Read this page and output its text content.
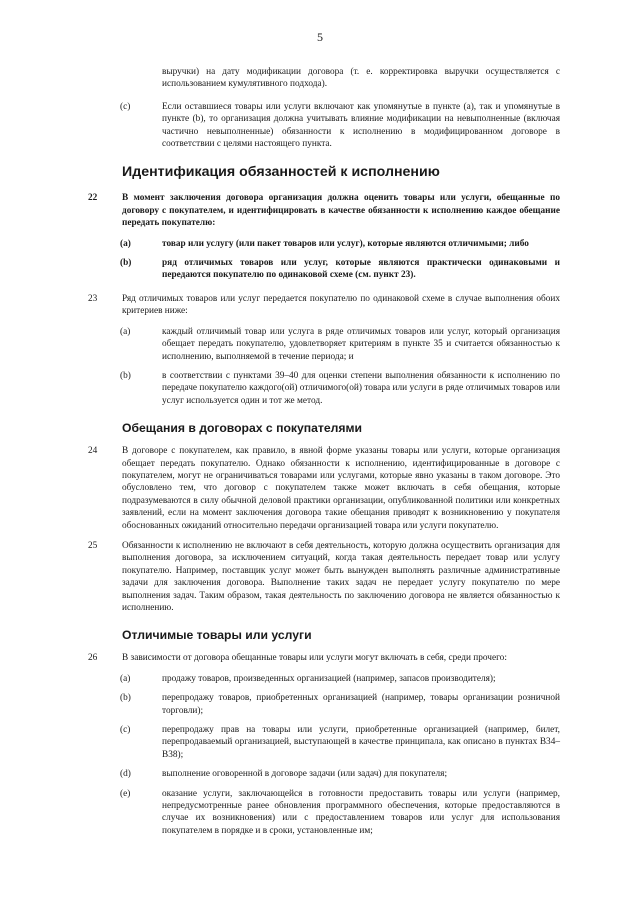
5
выручки) на дату модификации договора (т. е. корректировка выручки осуществляется с использованием кумулятивного подхода).
(c)	Если оставшиеся товары или услуги включают как упомянутые в пункте (a), так и упомянутые в пункте (b), то организация должна учитывать влияние модификации на невыполненные (включая частично невыполненные) обязанности к исполнению в модифицированном договоре в соответствии с целями настоящего пункта.
Идентификация обязанностей к исполнению
22	В момент заключения договора организация должна оценить товары или услуги, обещанные по договору с покупателем, и идентифицировать в качестве обязанности к исполнению каждое обещание передать покупателю:
(a)	товар или услугу (или пакет товаров или услуг), которые являются отличимыми; либо
(b)	ряд отличимых товаров или услуг, которые являются практически одинаковыми и передаются покупателю по одинаковой схеме (см. пункт 23).
23	Ряд отличимых товаров или услуг передается покупателю по одинаковой схеме в случае выполнения обоих критериев ниже:
(a)	каждый отличимый товар или услуга в ряде отличимых товаров или услуг, который организация обещает передать покупателю, удовлетворяет критериям в пункте 35 и считается обязанностью к исполнению, выполняемой в течение периода; и
(b)	в соответствии с пунктами 39–40 для оценки степени выполнения обязанности к исполнению по передаче покупателю каждого(ой) отличимого(ой) товара или услуги в ряде отличимых товаров или услуг используется один и тот же метод.
Обещания в договорах с покупателями
24	В договоре с покупателем, как правило, в явной форме указаны товары или услуги, которые организация обещает передать покупателю. Однако обязанности к исполнению, идентифицированные в договоре с покупателем, могут не ограничиваться товарами или услугами, которые явно указаны в таком договоре. Это обусловлено тем, что договор с покупателем также может включать в себя обещания, которые подразумеваются в силу обычной деловой практики организации, опубликованной политики или конкретных заявлений, если на момент заключения договора такие обещания приводят к возникновению у покупателя обоснованных ожиданий относительно передачи организацией товара или услуги покупателю.
25	Обязанности к исполнению не включают в себя деятельность, которую должна осуществить организация для выполнения договора, за исключением ситуаций, когда такая деятельность передает товар или услугу покупателю. Например, поставщик услуг может быть вынужден выполнять различные административные задачи для заключения договора. Выполнение таких задач не передает услугу покупателю по мере выполнения задач. Таким образом, такая деятельность по заключению договора не является обязанностью к исполнению.
Отличимые товары или услуги
26	В зависимости от договора обещанные товары или услуги могут включать в себя, среди прочего:
(a)	продажу товаров, произведенных организацией (например, запасов производителя);
(b)	перепродажу товаров, приобретенных организацией (например, товары организации розничной торговли);
(c)	перепродажу прав на товары или услуги, приобретенные организацией (например, билет, перепродаваемый организацией, выступающей в качестве принципала, как описано в пунктах B34–B38);
(d)	выполнение оговоренной в договоре задачи (или задач) для покупателя;
(e)	оказание услуги, заключающейся в готовности предоставить товары или услуги (например, непредусмотренные ранее обновления программного обеспечения, которые предоставляются в случае их возникновения) или с предоставлением товаров или услуг для использования покупателем в порядке и в сроки, установленные им;
